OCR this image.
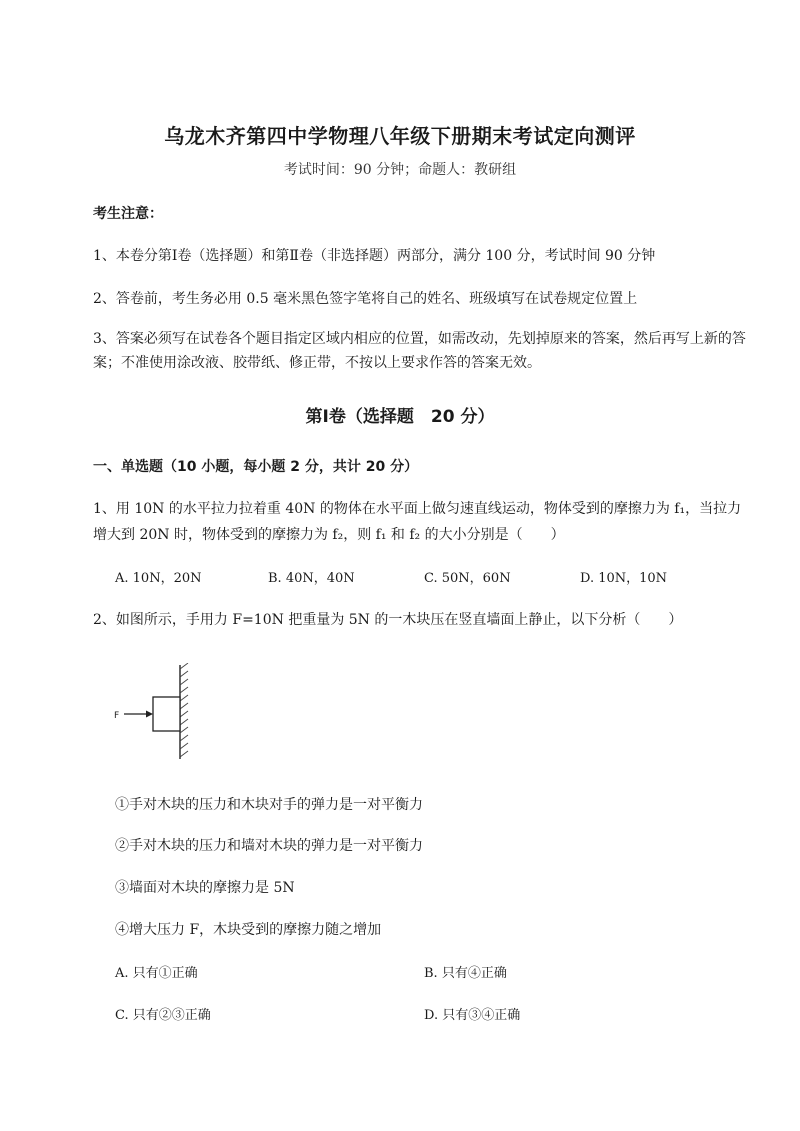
乌龙木齐第四中学物理八年级下册期末考试定向测评
考试时间：90 分钟；命题人：教研组
考生注意：
1、本卷分第Ⅰ卷（选择题）和第Ⅱ卷（非选择题）两部分，满分 100 分，考试时间 90 分钟
2、答卷前，考生务必用 0.5 毫米黑色签字笔将自己的姓名、班级填写在试卷规定位置上
3、答案必须写在试卷各个题目指定区域内相应的位置，如需改动，先划掉原来的答案，然后再写上新的答案；不准使用涂改液、胶带纸、修正带，不按以上要求作答的答案无效。
第Ⅰ卷（选择题　20 分）
一、单选题（10 小题，每小题 2 分，共计 20 分）
1、用 10N 的水平拉力拉着重 40N 的物体在水平面上做匀速直线运动，物体受到的摩擦力为 f₁，当拉力
增大到 20N 时，物体受到的摩擦力为 f₂，则 f₁ 和 f₂ 的大小分别是（　　）
A. 10N，20N	B. 40N，40N	C. 50N，60N	D. 10N，10N
2、如图所示，手用力 F=10N 把重量为 5N 的一木块压在竖直墙面上静止，以下分析（　　）
F
①手对木块的压力和木块对手的弹力是一对平衡力
②手对木块的压力和墙对木块的弹力是一对平衡力
③墙面对木块的摩擦力是 5N
④增大压力 F，木块受到的摩擦力随之增加
A. 只有①正确	B. 只有④正确
C. 只有②③正确	D. 只有③④正确
